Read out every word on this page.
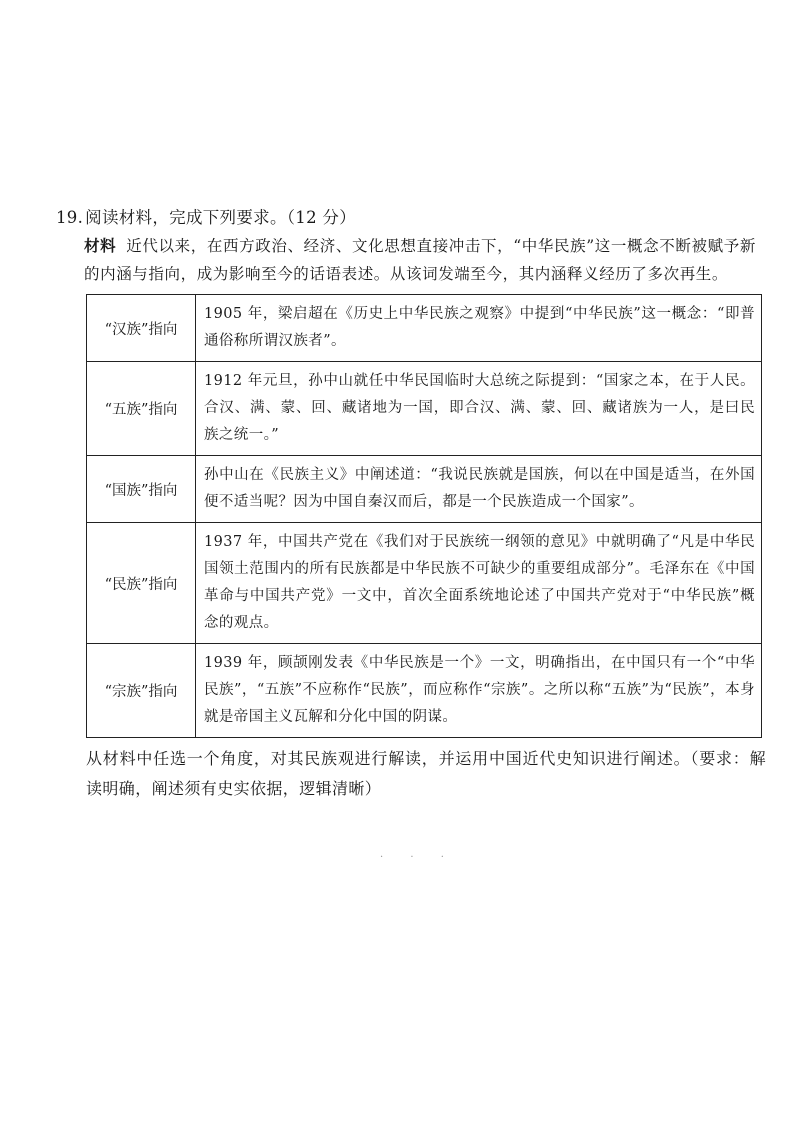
19. 阅读材料，完成下列要求。（12 分）
材料 近代以来，在西方政治、经济、文化思想直接冲击下，“中华民族”这一概念不断被赋予新的内涵与指向，成为影响至今的话语表述。从该词发端至今，其内涵释义经历了多次再生。
“汉族”指向	1905 年，梁启超在《历史上中华民族之观察》中提到“中华民族”这一概念：“即普通俗称所谓汉族者”。
“五族”指向	1912 年元旦，孙中山就任中华民国临时大总统之际提到：“国家之本，在于人民。合汉、满、蒙、回、藏诸地为一国，即合汉、满、蒙、回、藏诸族为一人，是曰民族之统一。”
“国族”指向	孙中山在《民族主义》中阐述道：“我说民族就是国族，何以在中国是适当，在外国便不适当呢？因为中国自秦汉而后，都是一个民族造成一个国家”。
“民族”指向	1937 年，中国共产党在《我们对于民族统一纲领的意见》中就明确了“凡是中华民国领土范围内的所有民族都是中华民族不可缺少的重要组成部分”。毛泽东在《中国革命与中国共产党》一文中，首次全面系统地论述了中国共产党对于“中华民族”概念的观点。
“宗族”指向	1939 年，顾颉刚发表《中华民族是一个》一文，明确指出，在中国只有一个“中华民族”，“五族”不应称作“民族”，而应称作“宗族”。之所以称“五族”为“民族”，本身就是帝国主义瓦解和分化中国的阴谋。
从材料中任选一个角度，对其民族观进行解读，并运用中国近代史知识进行阐述。（要求：解读明确，阐述须有史实依据，逻辑清晰）
· · ·
